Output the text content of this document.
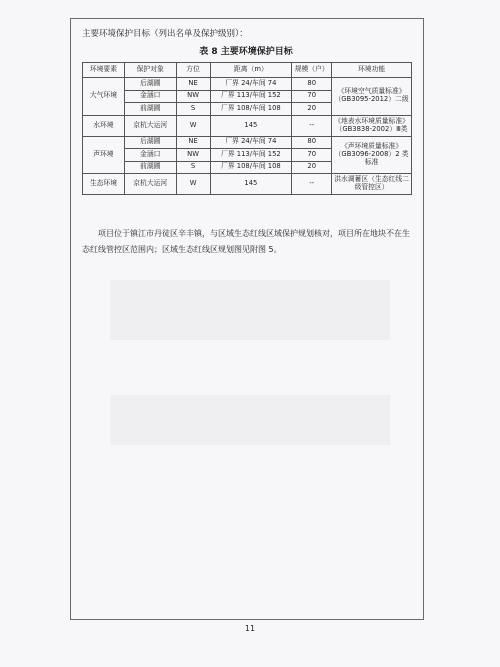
主要环境保护目标（列出名单及保护级别）：
表 8 主要环境保护目标
环境要素	保护对象	方位	距离（m）	规模（户）	环境功能
大气环境	后湖圃	NE	厂界 24/车间 74	80	《环境空气质量标准》（GB3095-2012）二级
	金涵口	NW	厂界 113/车间 152	70	
	前湖圃	S	厂界 108/车间 108	20	
水环境	京杭大运河	W	145	--	《地表水环境质量标准》（GB3838-2002）Ⅲ类
声环境	后湖圃	NE	厂界 24/车间 74	80	《声环境质量标准》（GB3096-2008）2 类标准
	金涵口	NW	厂界 113/车间 152	70	
	前湖圃	S	厂界 108/车间 108	20	
生态环境	京杭大运河	W	145	--	洪水调蓄区（生态红线二级管控区）
项目位于镇江市丹徒区辛丰镇，与区域生态红线区域保护规划核对，项目所在地块不在生态红线管控区范围内；区域生态红线区规划图见附图 5。
11
